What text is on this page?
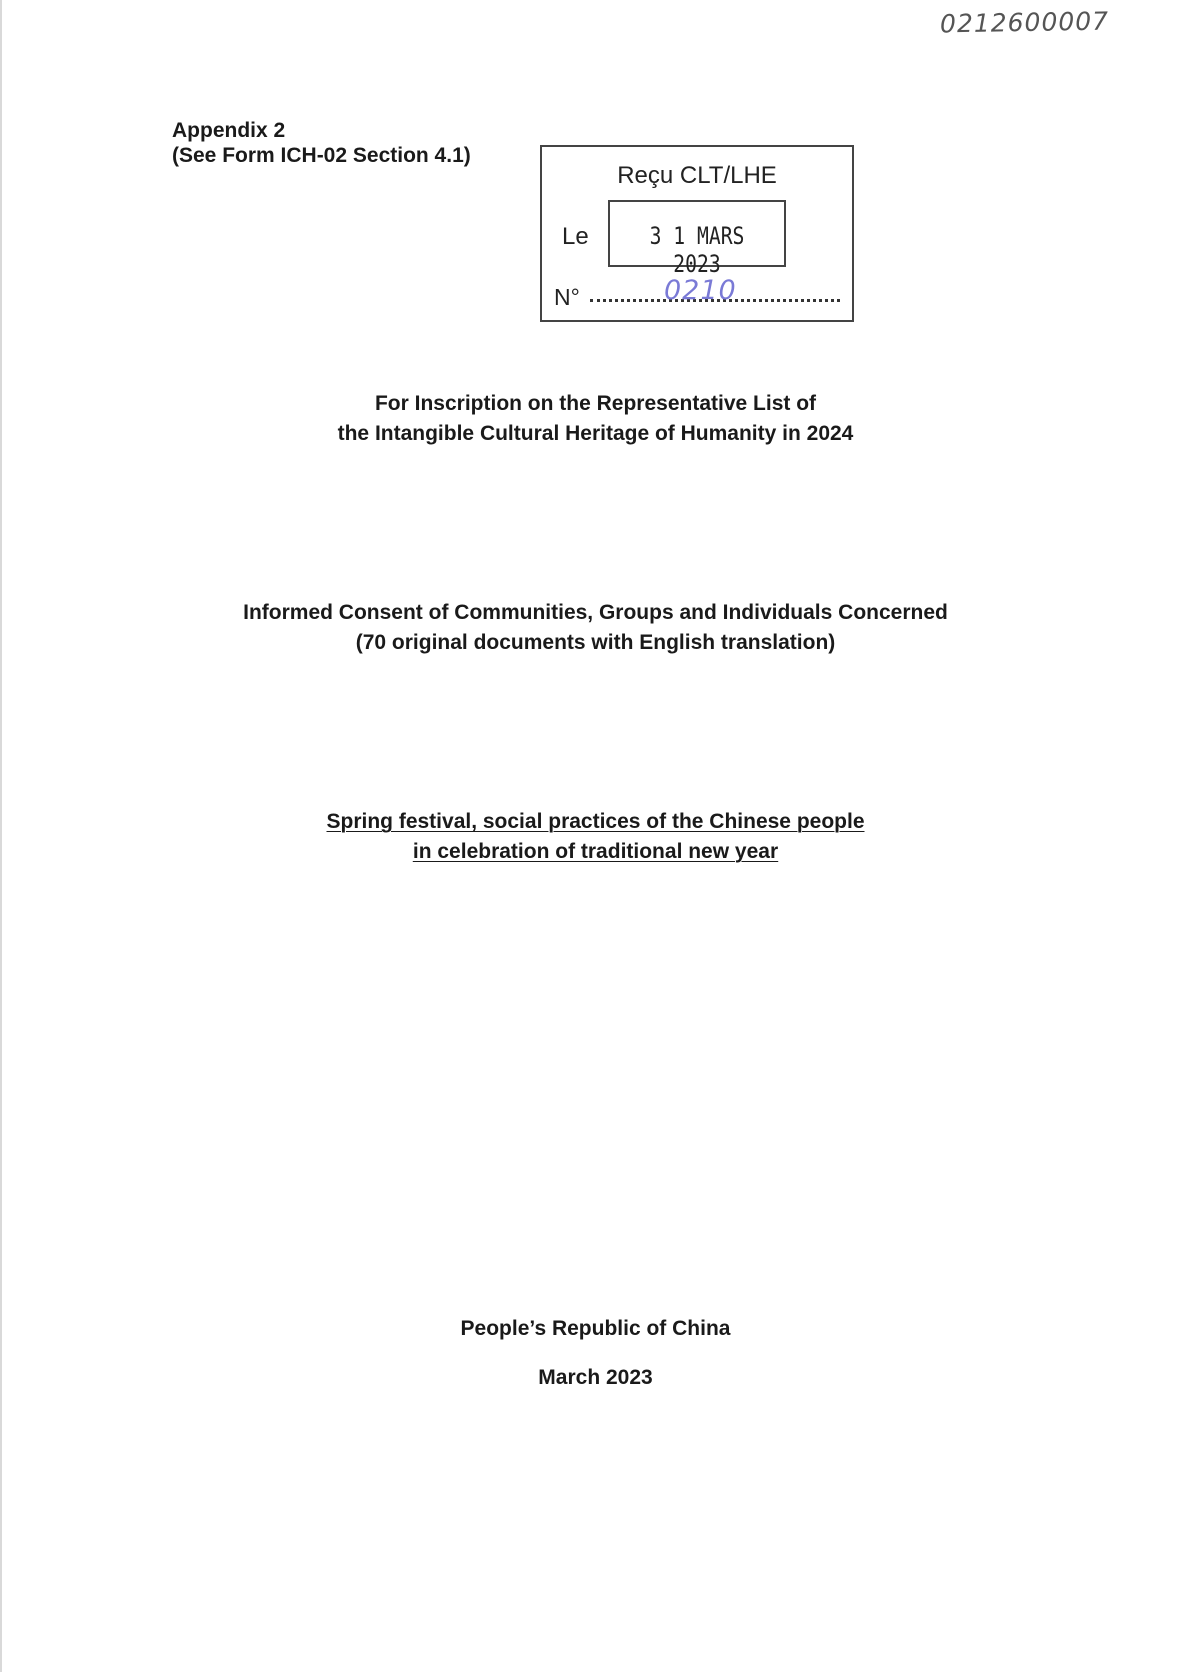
0212600007
Appendix 2
(See Form ICH-02 Section 4.1)
Reçu CLT/LHE
Le	3 1 MARS 2023
N°	0210
For Inscription on the Representative List of
the Intangible Cultural Heritage of Humanity in 2024
Informed Consent of Communities, Groups and Individuals Concerned
(70 original documents with English translation)
Spring festival, social practices of the Chinese people
in celebration of traditional new year
People’s Republic of China
March 2023
